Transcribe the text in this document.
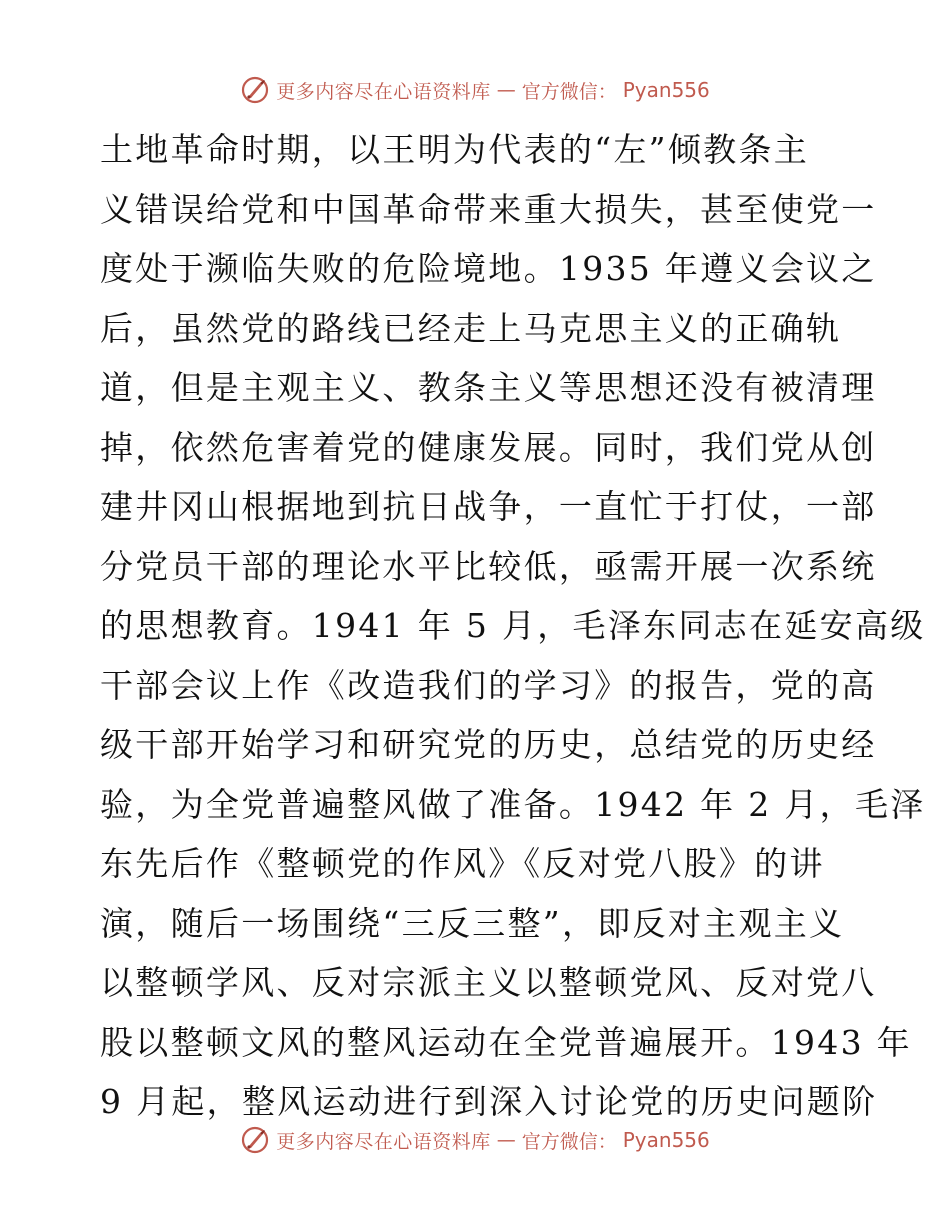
更多内容尽在心语资料库 — 官方微信： Pyan556
土地革命时期，以王明为代表的“左”倾教条主
义错误给党和中国革命带来重大损失，甚至使党一
度处于濒临失败的危险境地。1935 年遵义会议之
后，虽然党的路线已经走上马克思主义的正确轨
道，但是主观主义、教条主义等思想还没有被清理
掉，依然危害着党的健康发展。同时，我们党从创
建井冈山根据地到抗日战争，一直忙于打仗，一部
分党员干部的理论水平比较低，亟需开展一次系统
的思想教育。1941 年 5 月，毛泽东同志在延安高级
干部会议上作《改造我们的学习》的报告，党的高
级干部开始学习和研究党的历史，总结党的历史经
验，为全党普遍整风做了准备。1942 年 2 月，毛泽
东先后作《整顿党的作风》《反对党八股》的讲
演，随后一场围绕“三反三整”，即反对主观主义
以整顿学风、反对宗派主义以整顿党风、反对党八
股以整顿文风的整风运动在全党普遍展开。1943 年
9 月起，整风运动进行到深入讨论党的历史问题阶
更多内容尽在心语资料库 — 官方微信： Pyan556
